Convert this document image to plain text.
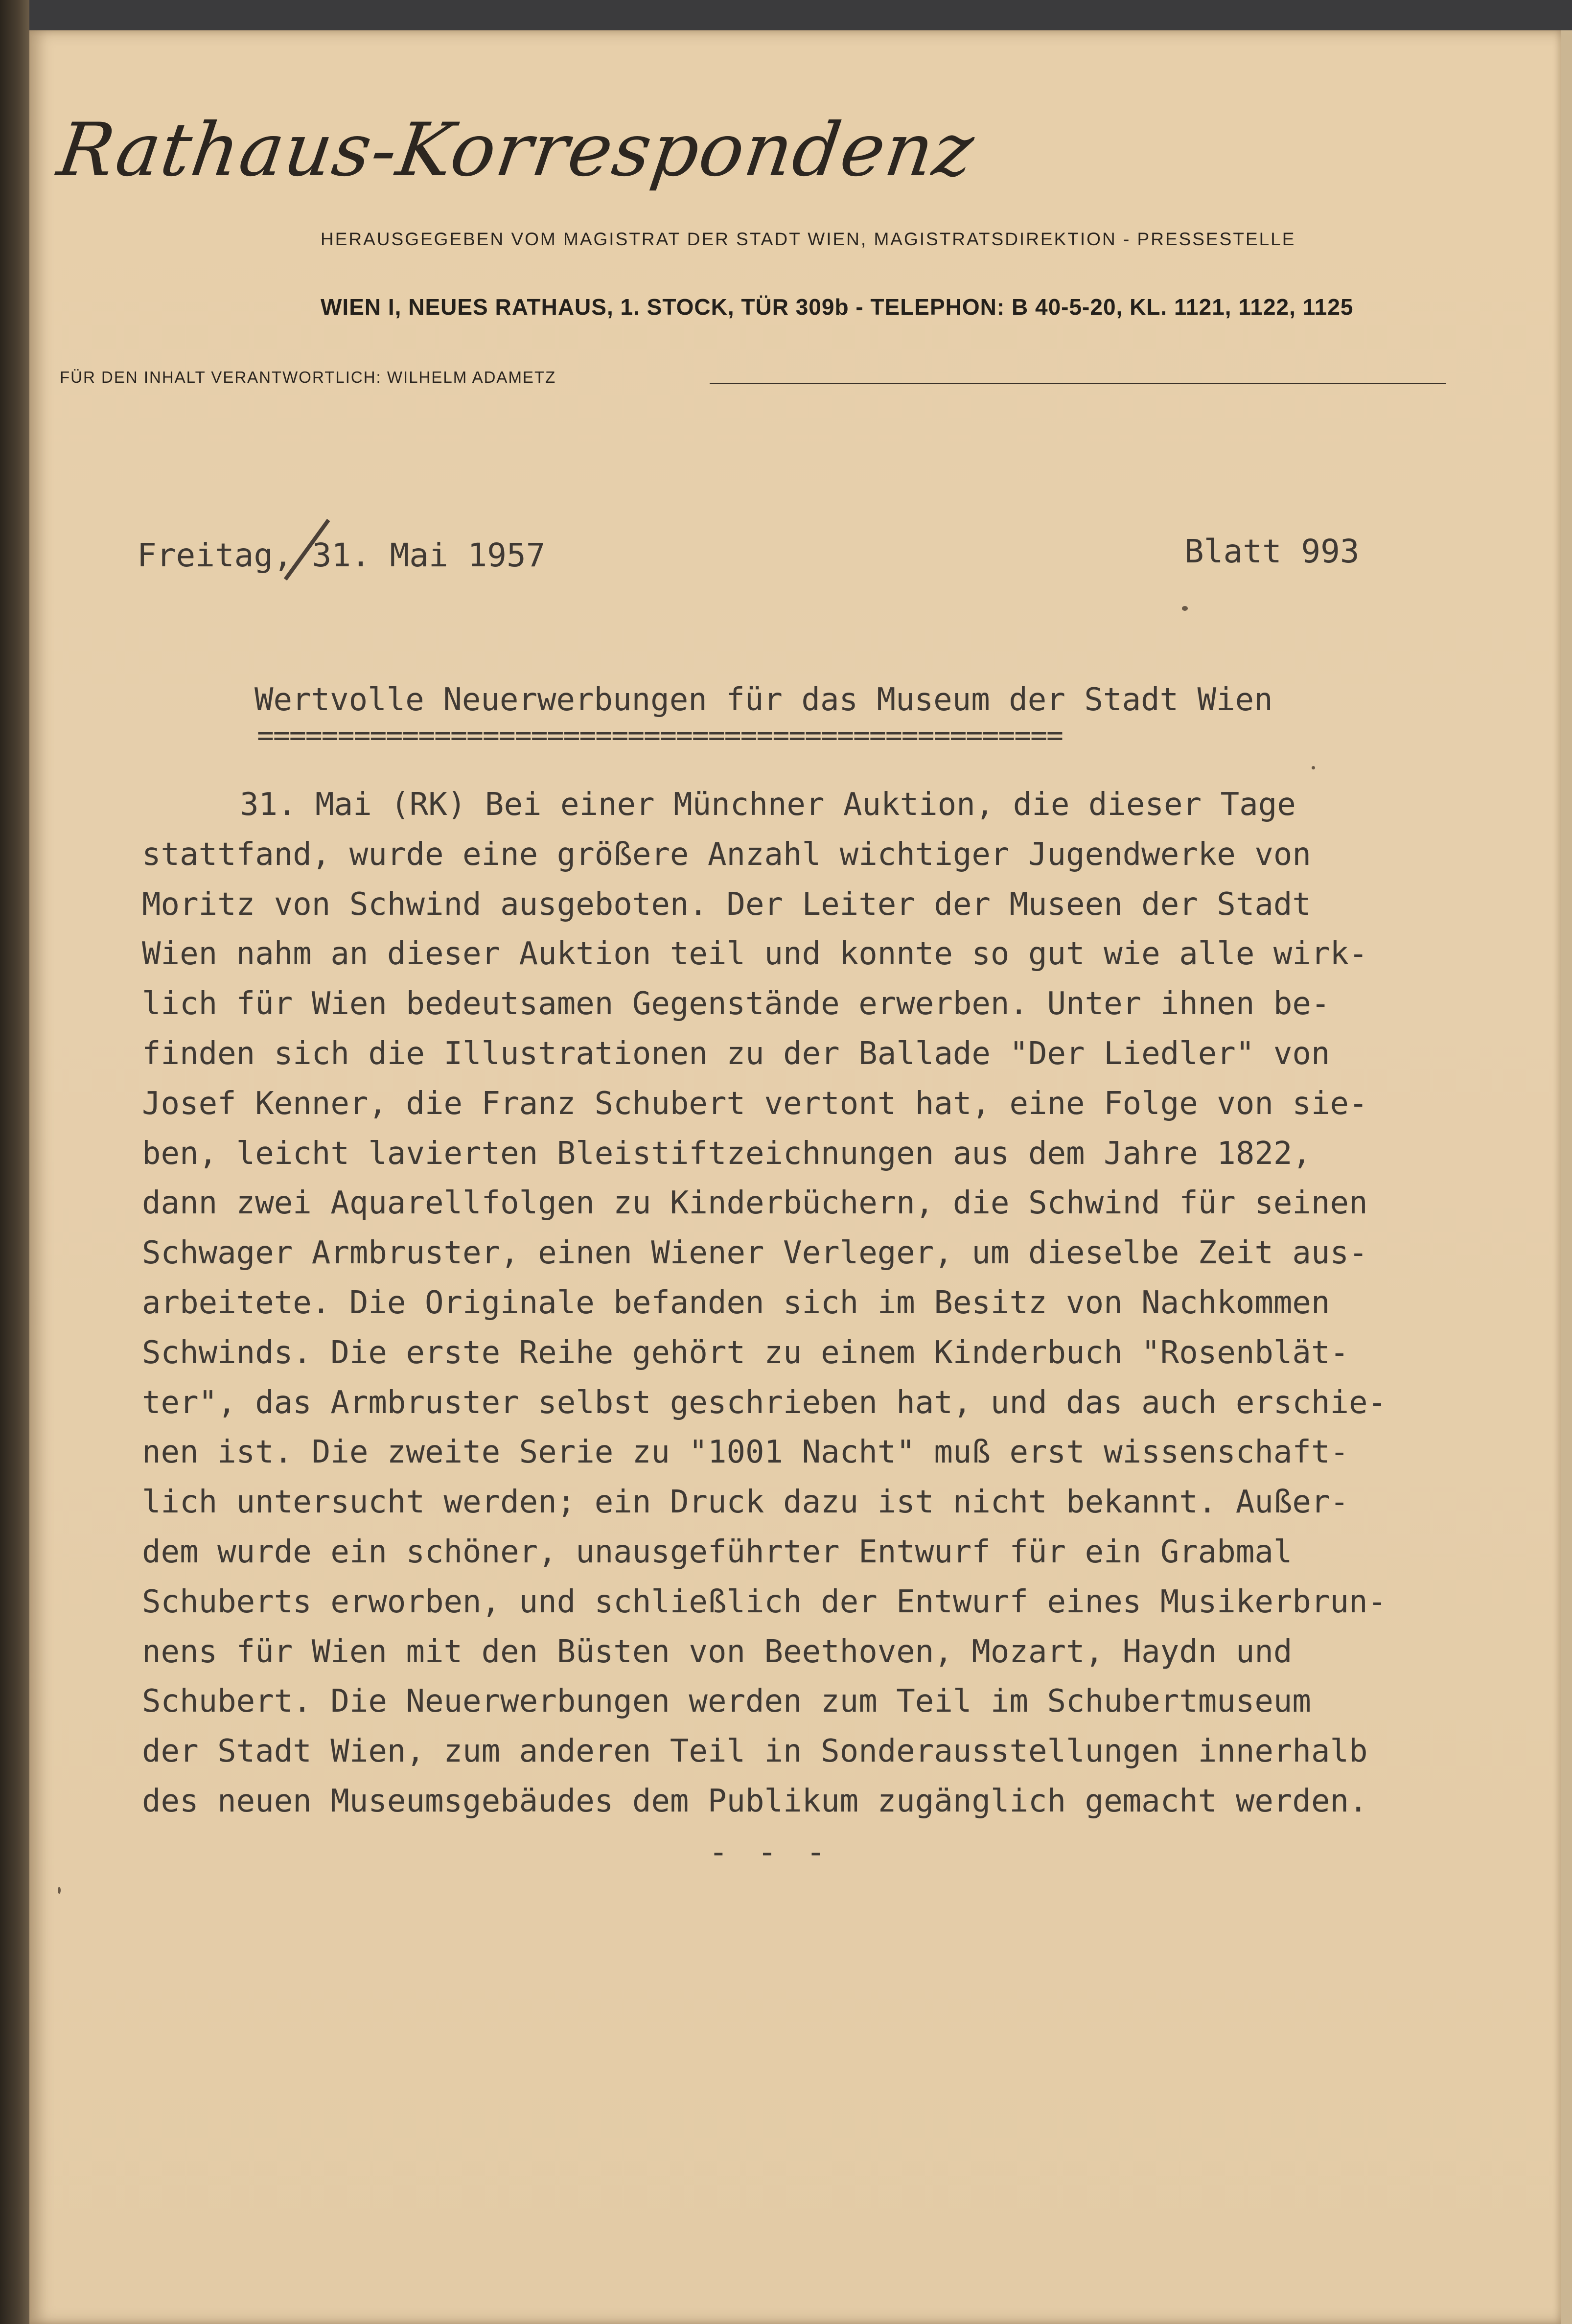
Rathaus-Korrespondenz
HERAUSGEGEBEN VOM MAGISTRAT DER STADT WIEN, MAGISTRATSDIREKTION - PRESSESTELLE
WIEN I, NEUES RATHAUS, 1. STOCK, TÜR 309b - TELEPHON: B 40-5-20, KL. 1121, 1122, 1125
FÜR DEN INHALT VERANTWORTLICH: WILHELM ADAMETZ
Freitag, 31. Mai 1957	Blatt 993
Wertvolle Neuerwerbungen für das Museum der Stadt Wien
==================================================
31. Mai (RK) Bei einer Münchner Auktion, die dieser Tage
stattfand, wurde eine größere Anzahl wichtiger Jugendwerke von
Moritz von Schwind ausgeboten. Der Leiter der Museen der Stadt
Wien nahm an dieser Auktion teil und konnte so gut wie alle wirk-
lich für Wien bedeutsamen Gegenstände erwerben. Unter ihnen be-
finden sich die Illustrationen zu der Ballade "Der Liedler" von
Josef Kenner, die Franz Schubert vertont hat, eine Folge von sie-
ben, leicht lavierten Bleistiftzeichnungen aus dem Jahre 1822,
dann zwei Aquarellfolgen zu Kinderbüchern, die Schwind für seinen
Schwager Armbruster, einen Wiener Verleger, um dieselbe Zeit aus-
arbeitete. Die Originale befanden sich im Besitz von Nachkommen
Schwinds. Die erste Reihe gehört zu einem Kinderbuch "Rosenblät-
ter", das Armbruster selbst geschrieben hat, und das auch erschie-
nen ist. Die zweite Serie zu "1001 Nacht" muß erst wissenschaft-
lich untersucht werden; ein Druck dazu ist nicht bekannt. Außer-
dem wurde ein schöner, unausgeführter Entwurf für ein Grabmal
Schuberts erworben, und schließlich der Entwurf eines Musikerbrun-
nens für Wien mit den Büsten von Beethoven, Mozart, Haydn und
Schubert. Die Neuerwerbungen werden zum Teil im Schubertmuseum
der Stadt Wien, zum anderen Teil in Sonderausstellungen innerhalb
des neuen Museumsgebäudes dem Publikum zugänglich gemacht werden.
- - -
